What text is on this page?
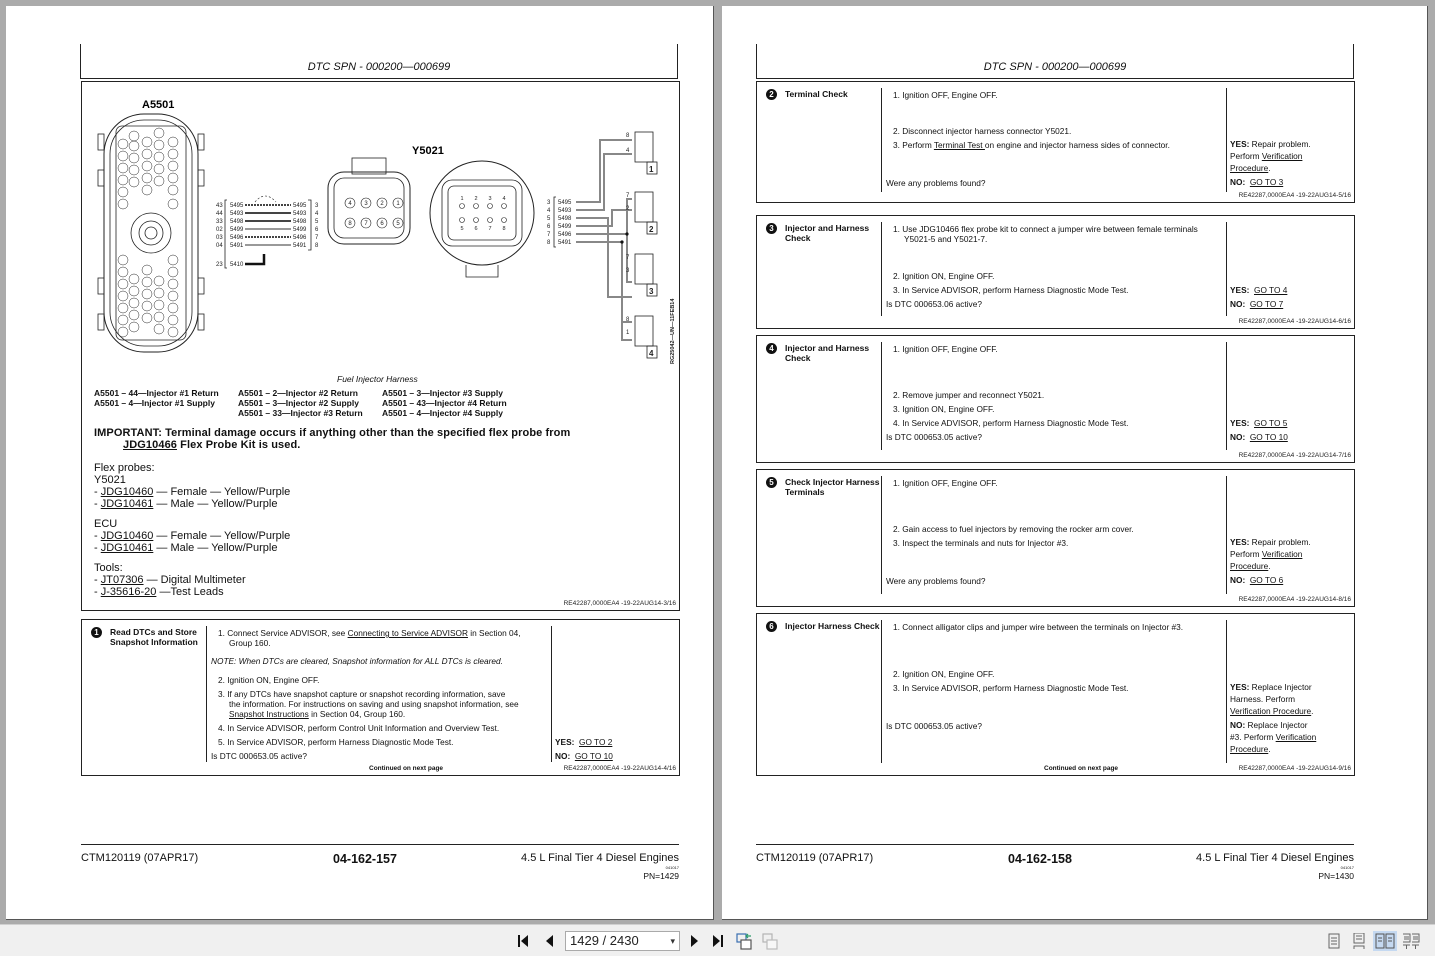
DTC SPN - 000200—000699
A5501
43 5495	5495 3
44 5493	5493 4
33 5498	5498 5
02 5499	5499 6
03 5496	5496 7
04 5491	5491 8
23 5410
Y5021
4 3 2 1
8 7 6 5
1 2 3 4
5 6 7 8
3 5495
4 5493
5 5498
6 5499
7 5496
8 5491
1
2
3
4
8
4
7
2
7
3
8
1	RG25042—UN—11FEB14
Fuel Injector Harness
A5501 – 44—Injector #1 Return
A5501 – 4—Injector #1 Supply
A5501 – 2—Injector #2 Return
A5501 – 3—Injector #2 Supply
A5501 – 33—Injector #3 Return
A5501 – 3—Injector #3 Supply
A5501 – 43—Injector #4 Return
A5501 – 4—Injector #4 Supply
IMPORTANT: Terminal damage occurs if anything other than the specified flex probe from
JDG10466 Flex Probe Kit is used.
Flex probes:
Y5021
- JDG10460 — Female — Yellow/Purple
- JDG10461 — Male — Yellow/Purple
ECU
- JDG10460 — Female — Yellow/Purple
- JDG10461 — Male — Yellow/Purple
Tools:
- JT07306 — Digital Multimeter
- J-35616-20 —Test Leads
RE42287,0000EA4 -19-22AUG14-3/16
1	Read DTCs and Store Snapshot Information
1. Connect Service ADVISOR, see Connecting to Service ADVISOR in Section 04,
Group 160.
NOTE: When DTCs are cleared, Snapshot information for ALL DTCs is cleared.
2. Ignition ON, Engine OFF.
3. If any DTCs have snapshot capture or snapshot recording information, save
the information. For instructions on saving and using snapshot information, see
Snapshot Instructions in Section 04, Group 160.
4. In Service ADVISOR, perform Control Unit Information and Overview Test.
5. In Service ADVISOR, perform Harness Diagnostic Mode Test.
Is DTC 000653.05 active?
YES: GO TO 2
NO: GO TO 10
Continued on next page	RE42287,0000EA4 -19-22AUG14-4/16
CTM120119 (07APR17)	04-162-157	4.5 L Final Tier 4 Diesel Engines
041017
PN=1429
DTC SPN - 000200—000699
2	Terminal Check	1. Ignition OFF, Engine OFF.
2. Disconnect injector harness connector Y5021.
3. Perform Terminal Test on engine and injector harness sides of connector.
Were any problems found?
YES: Repair problem.
Perform Verification
Procedure.
NO: GO TO 3
RE42287,0000EA4 -19-22AUG14-5/16
3	Injector and Harness Check
1. Use JDG10466 flex probe kit to connect a jumper wire between female terminals
Y5021-5 and Y5021-7.
2. Ignition ON, Engine OFF.
3. In Service ADVISOR, perform Harness Diagnostic Mode Test.
Is DTC 000653.06 active?
YES: GO TO 4
NO: GO TO 7
RE42287,0000EA4 -19-22AUG14-6/16
4	Injector and Harness Check
1. Ignition OFF, Engine OFF.
2. Remove jumper and reconnect Y5021.
3. Ignition ON, Engine OFF.
4. In Service ADVISOR, perform Harness Diagnostic Mode Test.
Is DTC 000653.05 active?
YES: GO TO 5
NO: GO TO 10
RE42287,0000EA4 -19-22AUG14-7/16
5	Check Injector Harness Terminals
1. Ignition OFF, Engine OFF.
2. Gain access to fuel injectors by removing the rocker arm cover.
3. Inspect the terminals and nuts for Injector #3.
Were any problems found?
YES: Repair problem.
Perform Verification
Procedure.
NO: GO TO 6
RE42287,0000EA4 -19-22AUG14-8/16
6	Injector Harness Check 1. Connect alligator clips and jumper wire between the terminals on Injector #3.
2. Ignition ON, Engine OFF.
3. In Service ADVISOR, perform Harness Diagnostic Mode Test.
Is DTC 000653.05 active?
YES: Replace Injector
Harness. Perform
Verification Procedure.
NO: Replace Injector
#3. Perform Verification
Procedure.
Continued on next page	RE42287,0000EA4 -19-22AUG14-9/16
CTM120119 (07APR17)	04-162-158	4.5 L Final Tier 4 Diesel Engines
041017
PN=1430
1429 / 2430	▾
